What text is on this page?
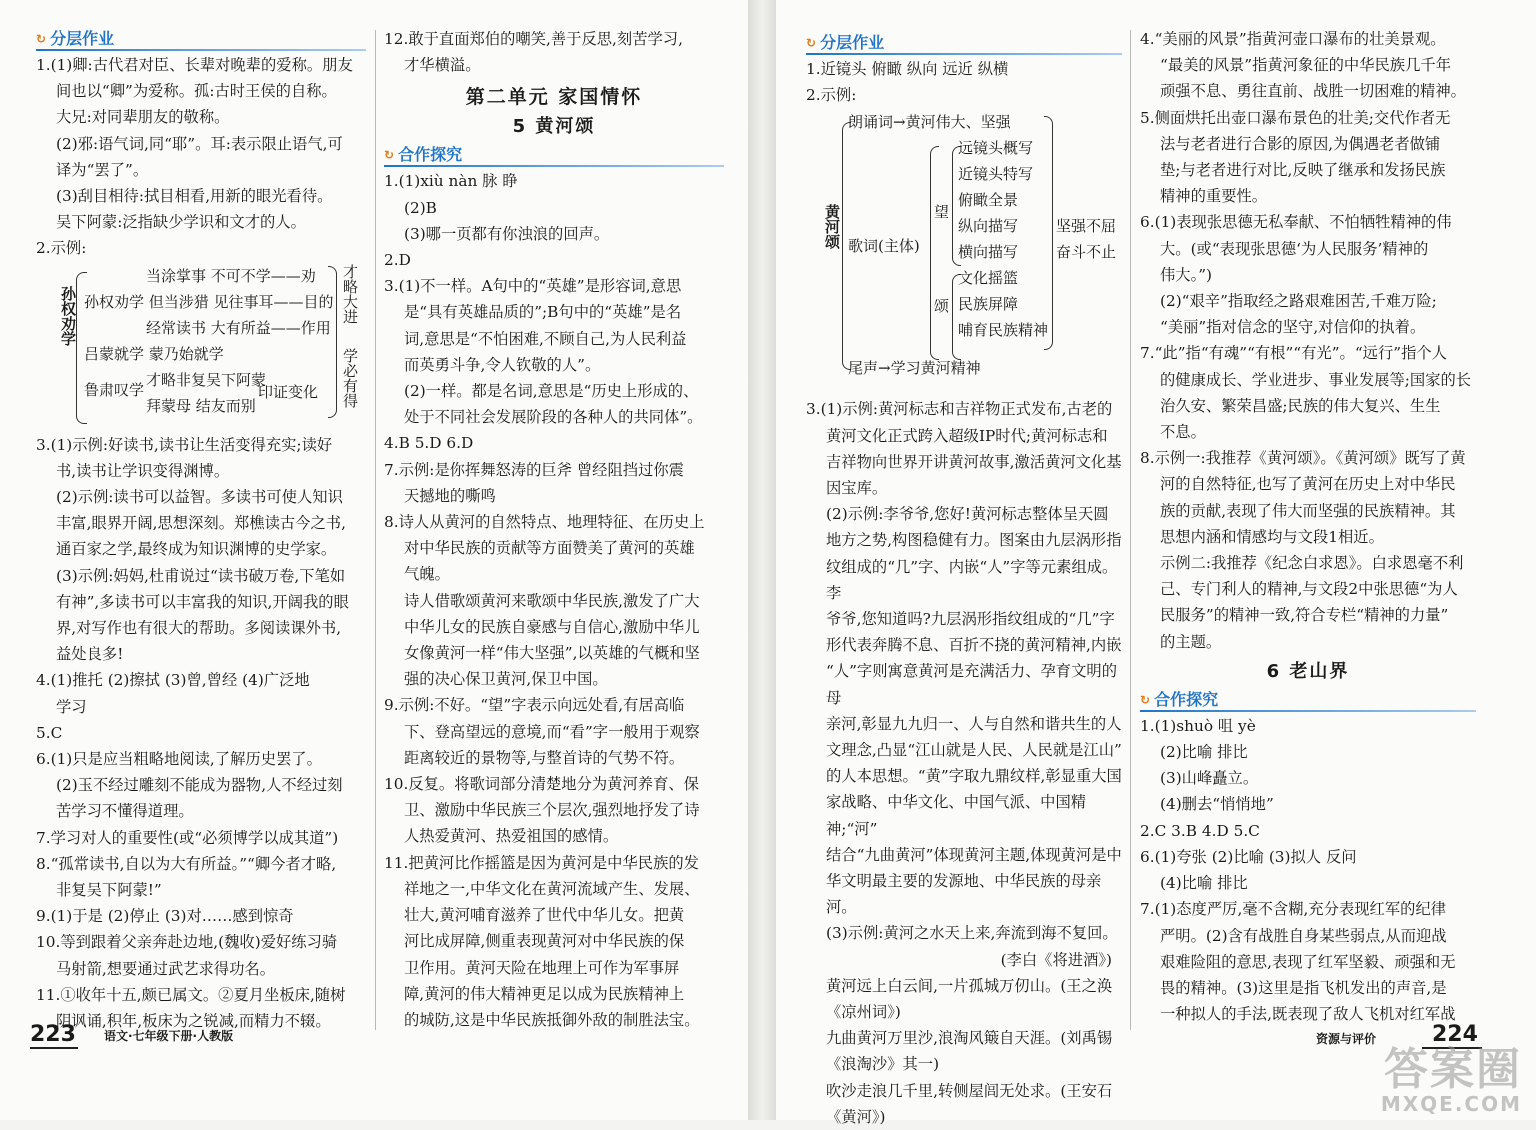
↻ 分层作业

1.(1)卿:古代君对臣、长辈对晚辈的爱称。朋友

间也以“卿”为爱称。孤:古时王侯的自称。

大兄:对同辈朋友的敬称。

(2)邪:语气词,同“耶”。耳:表示限止语气,可

译为“罢了”。

(3)刮目相待:拭目相看,用新的眼光看待。

吴下阿蒙:泛指缺少学识和文才的人。

2.示例:

孙权劝学
当涂掌事 不可不学——劝
孙权劝学 但当涉猎 见往事耳——目的
经常读书 大有所益——作用
吕蒙就学 蒙乃始就学
鲁肃叹学
才略非复吴下阿蒙
拜蒙母 结友而别
印证变化
才略大进
学必有得

3.(1)示例:好读书,读书让生活变得充实;读好

书,读书让学识变得渊博。

(2)示例:读书可以益智。多读书可使人知识

丰富,眼界开阔,思想深刻。郑樵读古今之书,

通百家之学,最终成为知识渊博的史学家。

(3)示例:妈妈,杜甫说过“读书破万卷,下笔如

有神”,多读书可以丰富我的知识,开阔我的眼

界,对写作也有很大的帮助。多阅读课外书,

益处良多!

4.(1)推托 (2)擦拭 (3)曾,曾经 (4)广泛地

学习

5.C

6.(1)只是应当粗略地阅读,了解历史罢了。

(2)玉不经过雕刻不能成为器物,人不经过刻

苦学习不懂得道理。

7.学习对人的重要性(或“必须博学以成其道”)

8.“孤常读书,自以为大有所益。”“卿今者才略,

非复吴下阿蒙!”

9.(1)于是 (2)停止 (3)对……感到惊奇

10.等到跟着父亲奔赴边地,(魏收)爱好练习骑

马射箭,想要通过武艺求得功名。

11.①收年十五,颇已属文。②夏月坐板床,随树

阴讽诵,积年,板床为之锐减,而精力不辍。

12.敢于直面郑伯的嘲笑,善于反思,刻苦学习,

才华横溢。

第二单元 家国情怀
5 黄河颂
↻ 合作探究

1.(1)xiù nàn 脉 睁

(2)B

(3)哪一页都有你浊浪的回声。

2.D

3.(1)不一样。A句中的“英雄”是形容词,意思

是“具有英雄品质的”;B句中的“英雄”是名

词,意思是“不怕困难,不顾自己,为人民利益

而英勇斗争,令人钦敬的人”。

(2)一样。都是名词,意思是“历史上形成的、

处于不同社会发展阶段的各种人的共同体”。

4.B 5.D 6.D

7.示例:是你挥舞怒涛的巨斧 曾经阻挡过你震

天撼地的嘶鸣

8.诗人从黄河的自然特点、地理特征、在历史上

对中华民族的贡献等方面赞美了黄河的英雄

气魄。

诗人借歌颂黄河来歌颂中华民族,激发了广大

中华儿女的民族自豪感与自信心,激励中华儿

女像黄河一样“伟大坚强”,以英雄的气概和坚

强的决心保卫黄河,保卫中国。

9.示例:不好。“望”字表示向远处看,有居高临

下、登高望远的意境,而“看”字一般用于观察

距离较近的景物等,与整首诗的气势不符。

10.反复。将歌词部分清楚地分为黄河养育、保

卫、激励中华民族三个层次,强烈地抒发了诗

人热爱黄河、热爱祖国的感情。

11.把黄河比作摇篮是因为黄河是中华民族的发

祥地之一,中华文化在黄河流域产生、发展、

壮大,黄河哺育滋养了世代中华儿女。把黄

河比成屏障,侧重表现黄河对中华民族的保

卫作用。黄河天险在地理上可作为军事屏

障,黄河的伟大精神更足以成为民族精神上

的城防,这是中华民族抵御外敌的制胜法宝。

223 语文·七年级下册·人教版
↻ 分层作业

1.近镜头 俯瞰 纵向 远近 纵横

2.示例:

黄河颂
朗诵词→黄河伟大、坚强
歌词(主体)
望
远镜头概写
近镜头特写
俯瞰全景
纵向描写
横向描写
颂
文化摇篮
民族屏障
哺育民族精神
尾声→学习黄河精神
坚强不屈
奋斗不止

3.(1)示例:黄河标志和吉祥物正式发布,古老的

黄河文化正式跨入超级IP时代;黄河标志和

吉祥物向世界开讲黄河故事,激活黄河文化基

因宝库。

(2)示例:李爷爷,您好!黄河标志整体呈天圆

地方之势,构图稳健有力。图案由九层涡形指

纹组成的“几”字、内嵌“人”字等元素组成。李

爷爷,您知道吗?九层涡形指纹组成的“几”字

形代表奔腾不息、百折不挠的黄河精神,内嵌

“人”字则寓意黄河是充满活力、孕育文明的母

亲河,彰显九九归一、人与自然和谐共生的人

文理念,凸显“江山就是人民、人民就是江山”

的人本思想。“黄”字取九鼎纹样,彰显重大国

家战略、中华文化、中国气派、中国精神;“河”

结合“九曲黄河”体现黄河主题,体现黄河是中

华文明最主要的发源地、中华民族的母亲河。

(3)示例:黄河之水天上来,奔流到海不复回。

(李白《将进酒》)

黄河远上白云间,一片孤城万仞山。(王之涣

《凉州词》)

九曲黄河万里沙,浪淘风簸自天涯。(刘禹锡

《浪淘沙》其一)

吹沙走浪几千里,转侧屋闾无处求。(王安石

《黄河》)

4.“美丽的风景”指黄河壶口瀑布的壮美景观。

“最美的风景”指黄河象征的中华民族几千年

顽强不息、勇往直前、战胜一切困难的精神。

5.侧面烘托出壶口瀑布景色的壮美;交代作者无

法与老者进行合影的原因,为偶遇老者做铺

垫;与老者进行对比,反映了继承和发扬民族

精神的重要性。

6.(1)表现张思德无私奉献、不怕牺牲精神的伟

大。(或“表现张思德‘为人民服务’精神的

伟大。”)

(2)“艰辛”指取经之路艰难困苦,千难万险;

“美丽”指对信念的坚守,对信仰的执着。

7.“此”指“有魂”“有根”“有光”。“远行”指个人

的健康成长、学业进步、事业发展等;国家的长

治久安、繁荣昌盛;民族的伟大复兴、生生

不息。

8.示例一:我推荐《黄河颂》。《黄河颂》既写了黄

河的自然特征,也写了黄河在历史上对中华民

族的贡献,表现了伟大而坚强的民族精神。其

思想内涵和情感均与文段1相近。

示例二:我推荐《纪念白求恩》。白求恩毫不利

己、专门利人的精神,与文段2中张思德“为人

民服务”的精神一致,符合专栏“精神的力量”

的主题。

6 老山界
↻ 合作探究

1.(1)shuò 咀 yè

(2)比喻 排比

(3)山峰矗立。

(4)删去“悄悄地”

2.C 3.B 4.D 5.C

6.(1)夸张 (2)比喻 (3)拟人 反问

(4)比喻 排比

7.(1)态度严厉,毫不含糊,充分表现红军的纪律

严明。(2)含有战胜自身某些弱点,从而迎战

艰难险阻的意思,表现了红军坚毅、顽强和无

畏的精神。(3)这里是指飞机发出的声音,是

一种拟人的手法,既表现了敌人飞机对红军战

资源与评价	224
答案圈
MXQE.COM
